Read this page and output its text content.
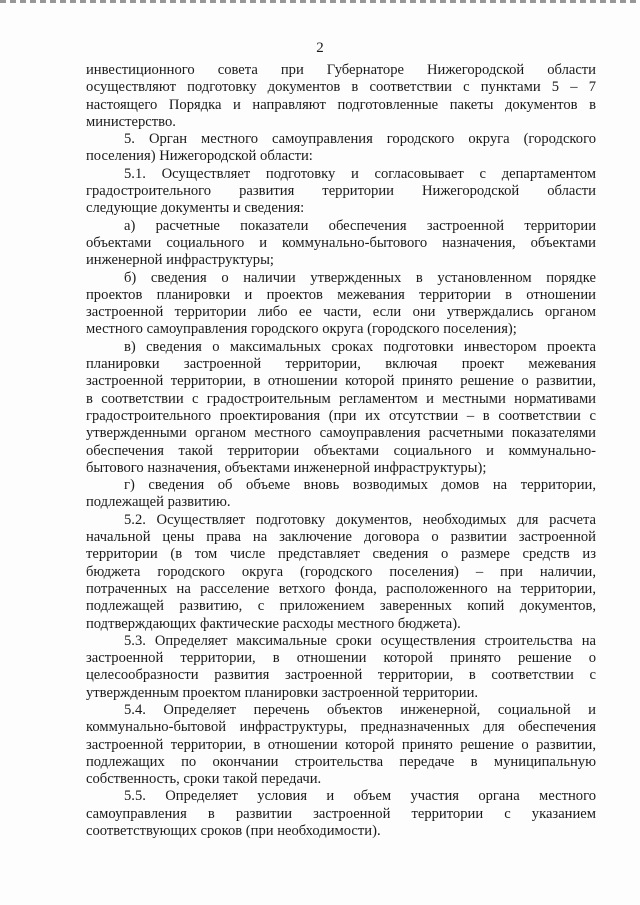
2

инвестиционного совета при Губернаторе Нижегородской области

осуществляют подготовку документов в соответствии с пунктами 5 – 7

настоящего Порядка и направляют подготовленные пакеты документов в

министерство.

5. Орган местного самоуправления городского округа (городского

поселения) Нижегородской области:

5.1. Осуществляет подготовку и согласовывает с департаментом

градостроительного развития территории Нижегородской области

следующие документы и сведения:

а) расчетные показатели обеспечения застроенной территории

объектами социального и коммунально-бытового назначения, объектами

инженерной инфраструктуры;

б) сведения о наличии утвержденных в установленном порядке

проектов планировки и проектов межевания территории в отношении

застроенной территории либо ее части, если они утверждались органом

местного самоуправления городского округа (городского поселения);

в) сведения о максимальных сроках подготовки инвестором проекта

планировки застроенной территории, включая проект межевания

застроенной территории, в отношении которой принято решение о развитии,

в соответствии с градостроительным регламентом и местными нормативами

градостроительного проектирования (при их отсутствии – в соответствии с

утвержденными органом местного самоуправления расчетными показателями

обеспечения такой территории объектами социального и коммунально-

бытового назначения, объектами инженерной инфраструктуры);

г) сведения об объеме вновь возводимых домов на территории,

подлежащей развитию.

5.2. Осуществляет подготовку документов, необходимых для расчета

начальной цены права на заключение договора о развитии застроенной

территории (в том числе представляет сведения о размере средств из

бюджета городского округа (городского поселения) – при наличии,

потраченных на расселение ветхого фонда, расположенного на территории,

подлежащей развитию, с приложением заверенных копий документов,

подтверждающих фактические расходы местного бюджета).

5.3. Определяет максимальные сроки осуществления строительства на

застроенной территории, в отношении которой принято решение о

целесообразности развития застроенной территории, в соответствии с

утвержденным проектом планировки застроенной территории.

5.4. Определяет перечень объектов инженерной, социальной и

коммунально-бытовой инфраструктуры, предназначенных для обеспечения

застроенной территории, в отношении которой принято решение о развитии,

подлежащих по окончании строительства передаче в муниципальную

собственность, сроки такой передачи.

5.5. Определяет условия и объем участия органа местного

самоуправления в развитии застроенной территории с указанием

соответствующих сроков (при необходимости).
